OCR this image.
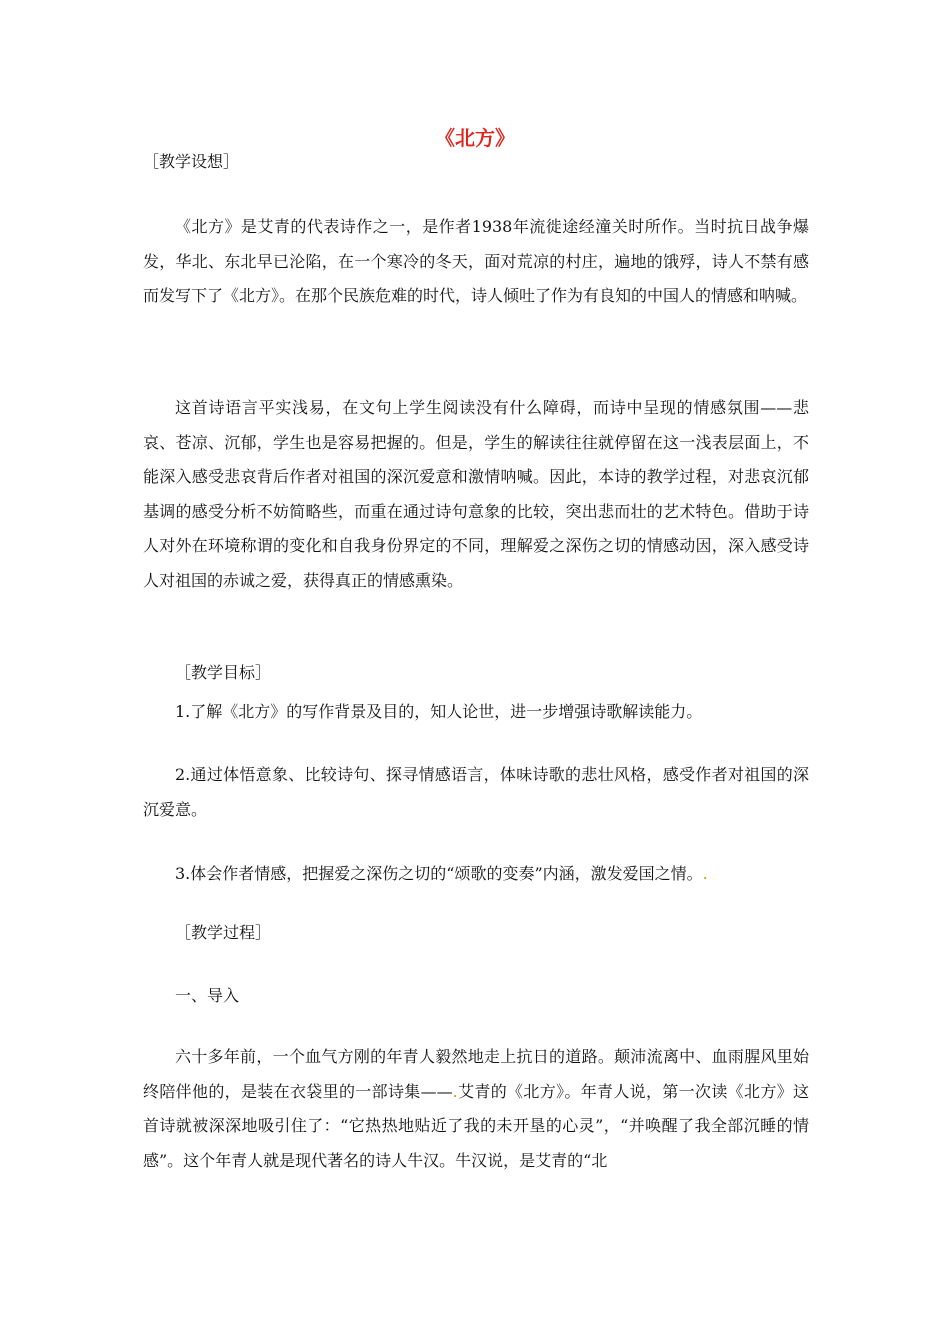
《北方》

［教学设想］

《北方》是艾青的代表诗作之一，是作者1938年流徙途经潼关时所作。当时抗日战争爆发，华北、东北早已沦陷，在一个寒冷的冬天，面对荒凉的村庄，遍地的饿殍，诗人不禁有感而发写下了《北方》。在那个民族危难的时代，诗人倾吐了作为有良知的中国人的情感和呐喊。

这首诗语言平实浅易，在文句上学生阅读没有什么障碍，而诗中呈现的情感氛围——悲哀、苍凉、沉郁，学生也是容易把握的。但是，学生的解读往往就停留在这一浅表层面上，不能深入感受悲哀背后作者对祖国的深沉爱意和激情呐喊。因此，本诗的教学过程，对悲哀沉郁基调的感受分析不妨简略些，而重在通过诗句意象的比较，突出悲而壮的艺术特色。借助于诗人对外在环境称谓的变化和自我身份界定的不同，理解爱之深伤之切的情感动因，深入感受诗人对祖国的赤诚之爱，获得真正的情感熏染。

［教学目标］

1.了解《北方》的写作背景及目的，知人论世，进一步增强诗歌解读能力。

2.通过体悟意象、比较诗句、探寻情感语言，体味诗歌的悲壮风格，感受作者对祖国的深沉爱意。

3.体会作者情感，把握爱之深伤之切的“颂歌的变奏”内涵，激发爱国之情。.

［教学过程］

一、导入

六十多年前，一个血气方刚的年青人毅然地走上抗日的道路。颠沛流离中、血雨腥风里始终陪伴他的，是装在衣袋里的一部诗集——.艾青的《北方》。年青人说，第一次读《北方》这首诗就被深深地吸引住了：“它热热地贴近了我的未开垦的心灵”，“并唤醒了我全部沉睡的情感”。这个年青人就是现代著名的诗人牛汉。牛汉说，是艾青的“北
